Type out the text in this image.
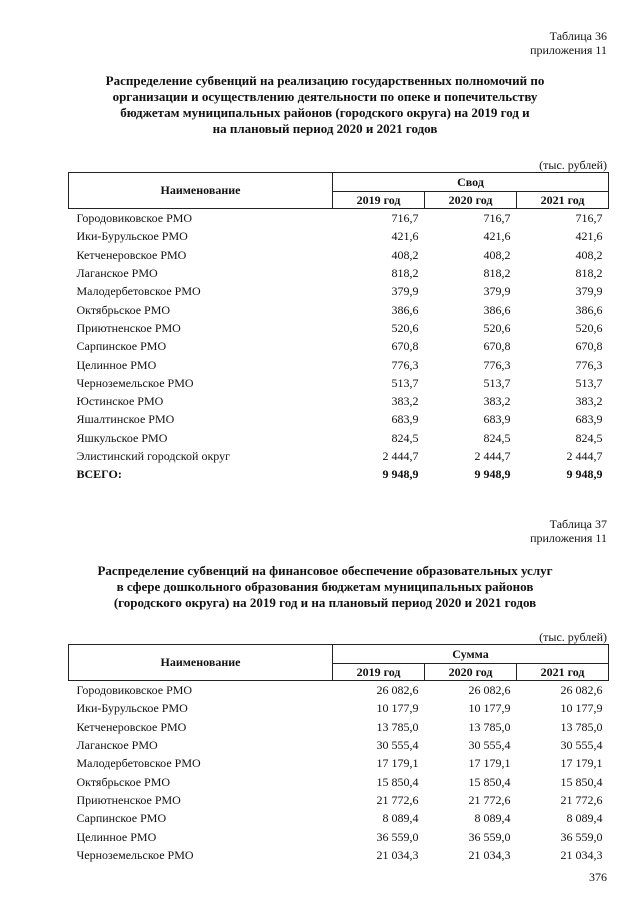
Таблица 36
приложения 11
Распределение субвенций на реализацию государственных полномочий по
организации и осуществлению деятельности по опеке и попечительству
бюджетам муниципальных районов (городского округа) на 2019 год и
на плановый период 2020 и 2021 годов
(тыс. рублей)
Наименование	Свод		
	2019 год	2020 год	2021 год
Городовиковское РМО	716,7	716,7	716,7
Ики-Бурульское РМО	421,6	421,6	421,6
Кетченеровское РМО	408,2	408,2	408,2
Лаганское РМО	818,2	818,2	818,2
Малодербетовское РМО	379,9	379,9	379,9
Октябрьское РМО	386,6	386,6	386,6
Приютненское РМО	520,6	520,6	520,6
Сарпинское РМО	670,8	670,8	670,8
Целинное РМО	776,3	776,3	776,3
Черноземельское РМО	513,7	513,7	513,7
Юстинское РМО	383,2	383,2	383,2
Яшалтинское РМО	683,9	683,9	683,9
Яшкульское РМО	824,5	824,5	824,5
Элистинский городской округ	2 444,7	2 444,7	2 444,7
ВСЕГО:	9 948,9	9 948,9	9 948,9
Таблица 37
приложения 11
Распределение субвенций на финансовое обеспечение образовательных услуг
в сфере дошкольного образования бюджетам муниципальных районов
(городского округа) на 2019 год и на плановый период 2020 и 2021 годов
(тыс. рублей)
Наименование	Сумма		
	2019 год	2020 год	2021 год
Городовиковское РМО	26 082,6	26 082,6	26 082,6
Ики-Бурульское РМО	10 177,9	10 177,9	10 177,9
Кетченеровское РМО	13 785,0	13 785,0	13 785,0
Лаганское РМО	30 555,4	30 555,4	30 555,4
Малодербетовское РМО	17 179,1	17 179,1	17 179,1
Октябрьское РМО	15 850,4	15 850,4	15 850,4
Приютненское РМО	21 772,6	21 772,6	21 772,6
Сарпинское РМО	8 089,4	8 089,4	8 089,4
Целинное РМО	36 559,0	36 559,0	36 559,0
Черноземельское РМО	21 034,3	21 034,3	21 034,3
376
